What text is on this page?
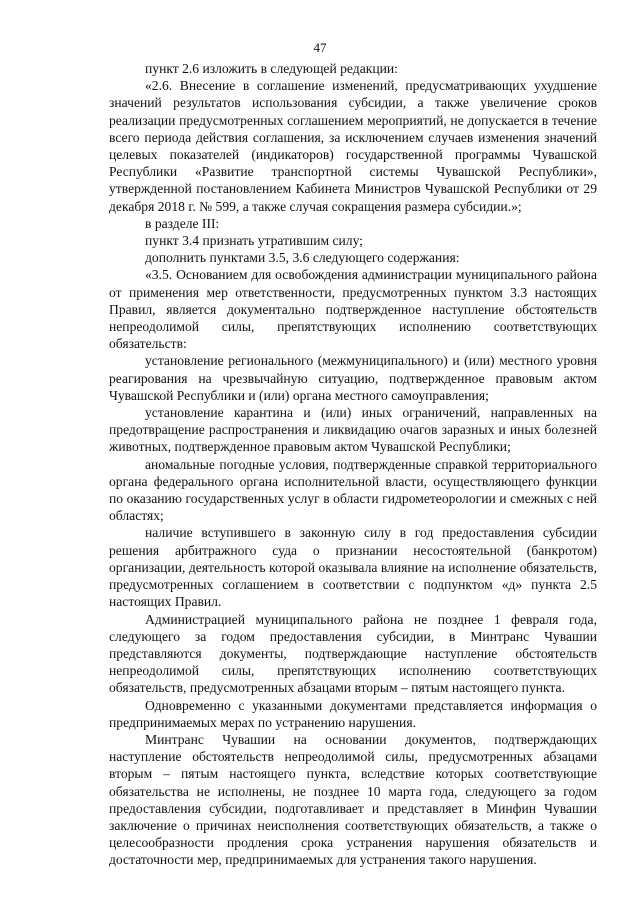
47

пункт 2.6 изложить в следующей редакции:

«2.6. Внесение в соглашение изменений, предусматривающих ухудшение значений результатов использования субсидии, а также увеличение сроков реализации предусмотренных соглашением мероприятий, не допускается в течение всего периода действия соглашения, за исключением случаев изменения значений целевых показателей (индикаторов) государственной программы Чувашской Республики «Развитие транспортной системы Чувашской Республики», утвержденной постановлением Кабинета Министров Чувашской Республики от 29 декабря 2018 г. № 599, а также случая сокращения размера субсидии.»;

в разделе III:

пункт 3.4 признать утратившим силу;

дополнить пунктами 3.5, 3.6 следующего содержания:

«3.5. Основанием для освобождения администрации муниципального района от применения мер ответственности, предусмотренных пунктом 3.3 настоящих Правил, является документально подтвержденное наступление обстоятельств непреодолимой силы, препятствующих исполнению соответствующих обязательств:

установление регионального (межмуниципального) и (или) местного уровня реагирования на чрезвычайную ситуацию, подтвержденное правовым актом Чувашской Республики и (или) органа местного самоуправления;

установление карантина и (или) иных ограничений, направленных на предотвращение распространения и ликвидацию очагов заразных и иных болезней животных, подтвержденное правовым актом Чувашской Республики;

аномальные погодные условия, подтвержденные справкой территориального органа федерального органа исполнительной власти, осуществляющего функции по оказанию государственных услуг в области гидрометеорологии и смежных с ней областях;

наличие вступившего в законную силу в год предоставления субсидии решения арбитражного суда о признании несостоятельной (банкротом) организации, деятельность которой оказывала влияние на исполнение обязательств, предусмотренных соглашением в соответствии с подпунктом «д» пункта 2.5 настоящих Правил.

Администрацией муниципального района не позднее 1 февраля года, следующего за годом предоставления субсидии, в Минтранс Чувашии представляются документы, подтверждающие наступление обстоятельств непреодолимой силы, препятствующих исполнению соответствующих обязательств, предусмотренных абзацами вторым – пятым настоящего пункта.

Одновременно с указанными документами представляется информация о предпринимаемых мерах по устранению нарушения.

Минтранс Чувашии на основании документов, подтверждающих наступление обстоятельств непреодолимой силы, предусмотренных абзацами вторым – пятым настоящего пункта, вследствие которых соответствующие обязательства не исполнены, не позднее 10 марта года, следующего за годом предоставления субсидии, подготавливает и представляет в Минфин Чувашии заключение о причинах неисполнения соответствующих обязательств, а также о целесообразности продления срока устранения нарушения обязательств и достаточности мер, предпринимаемых для устранения такого нарушения.
